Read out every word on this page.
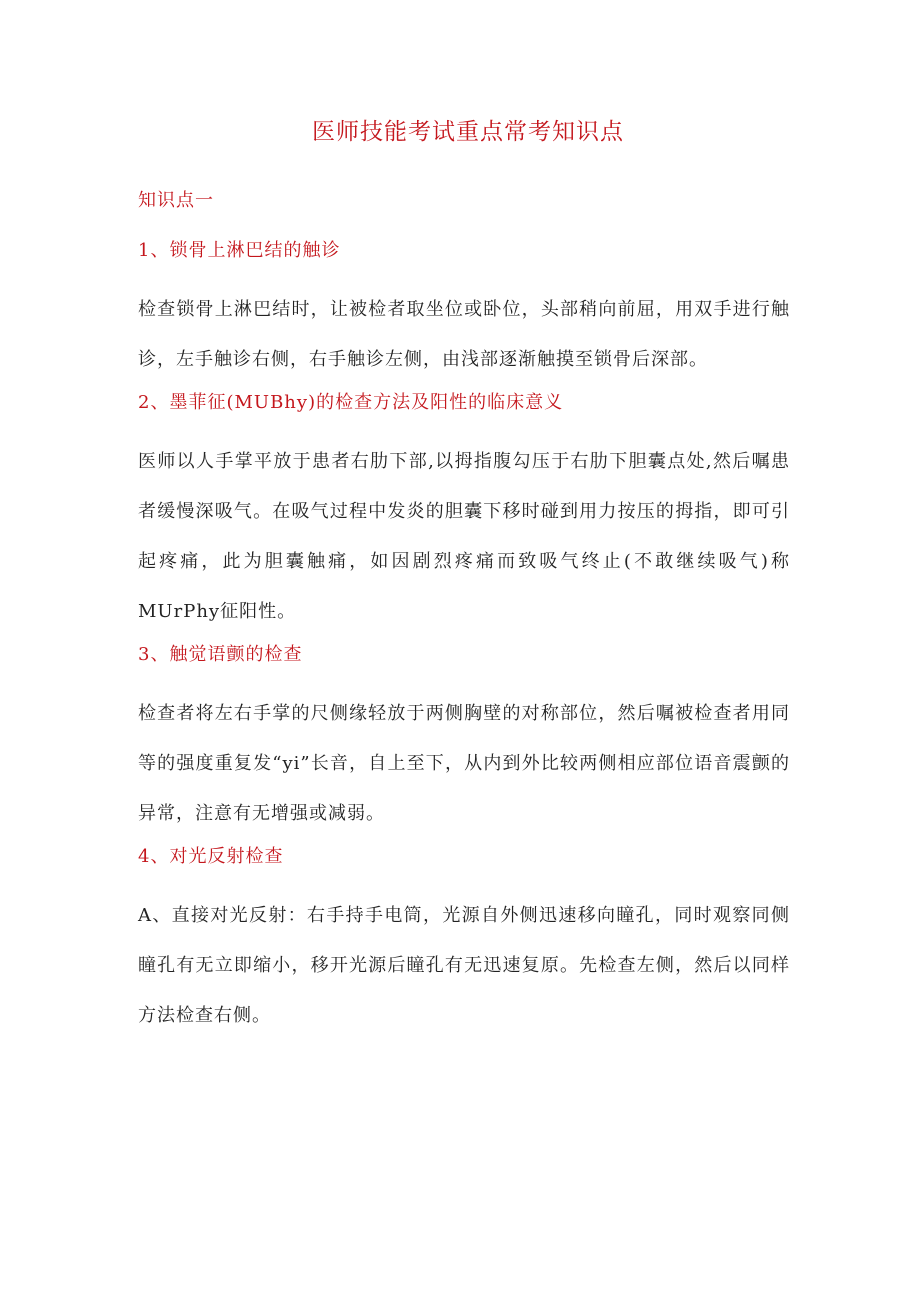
医师技能考试重点常考知识点
知识点一
1、锁骨上淋巴结的触诊

检查锁骨上淋巴结时，让被检者取坐位或卧位，头部稍向前屈，用双手进行触诊，左手触诊右侧，右手触诊左侧，由浅部逐渐触摸至锁骨后深部。

2、墨菲征(MUBhy)的检查方法及阳性的临床意义

医师以人手掌平放于患者右肋下部,以拇指腹勾压于右肋下胆囊点处,然后嘱患者缓慢深吸气。在吸气过程中发炎的胆囊下移时碰到用力按压的拇指，即可引起疼痛，此为胆囊触痛，如因剧烈疼痛而致吸气终止(不敢继续吸气)称MUrPhy征阳性。

3、触觉语颤的检查

检查者将左右手掌的尺侧缘轻放于两侧胸壁的对称部位，然后嘱被检查者用同等的强度重复发“yi”长音，自上至下，从内到外比较两侧相应部位语音震颤的异常，注意有无增强或减弱。

4、对光反射检查

A、直接对光反射：右手持手电筒，光源自外侧迅速移向瞳孔，同时观察同侧瞳孔有无立即缩小，移开光源后瞳孔有无迅速复原。先检查左侧，然后以同样方法检查右侧。
